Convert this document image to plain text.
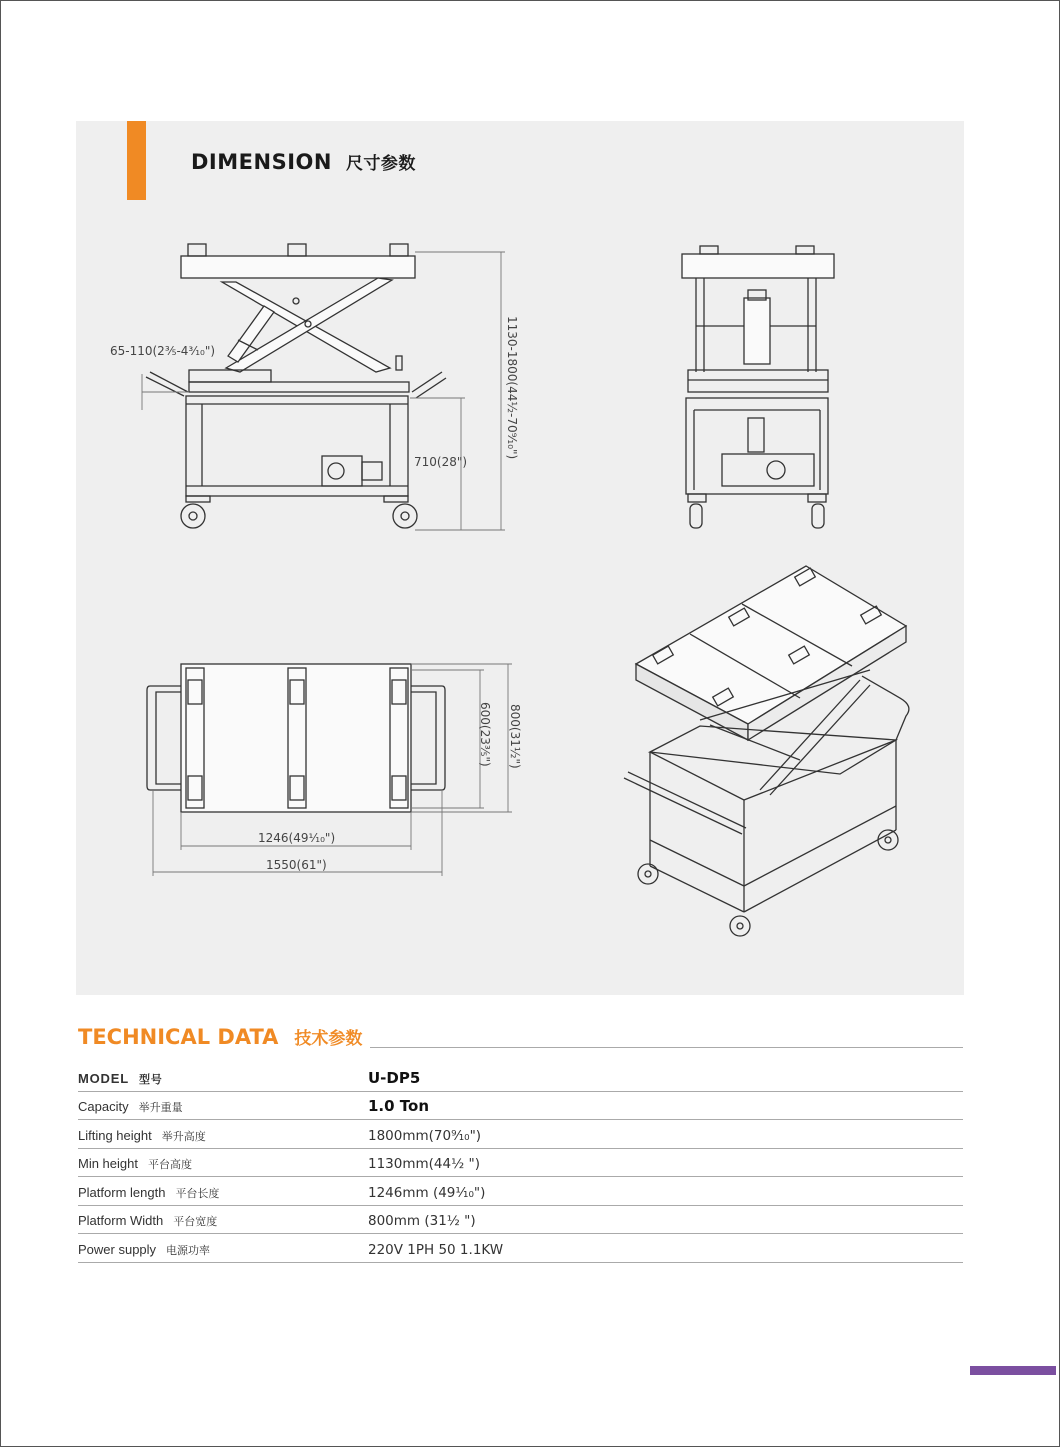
DIMENSION 尺寸参数
65-110(2⅗-4³⁄₁₀")	1130-1800(44½-70⁹⁄₁₀")
710(28")
600(23⅗") 800(31½")
1246(49¹⁄₁₀")
1550(61")
TECHNICAL DATA 技术参数
MODEL 型号	U-DP5
Capacity 举升重量	1.0 Ton
Lifting height 举升高度	1800mm(70⁹⁄₁₀")
Min height 平台高度	1130mm(44½ ")
Platform length 平台长度	1246mm (49¹⁄₁₀")
Platform Width 平台宽度	800mm (31½ ")
Power supply 电源功率	220V 1PH 50 1.1KW
